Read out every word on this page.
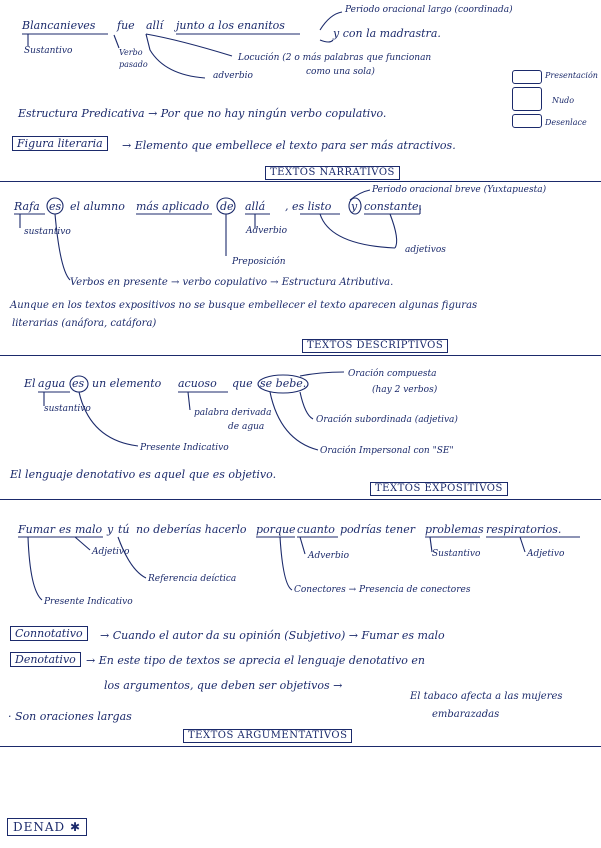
Blancanieves fue allí junto a los enanitos
y con la madrastra.
Periodo oracional largo (coordinada)
Sustantivo	Verbo
pasado
Locución (2 o más palabras que funcionan
como una sola)
adverbio	Presentación
Nudo
Desenlace
Estructura Predicativa → Por que no hay ningún verbo copulativo.
Figura literaria	→ Elemento que embellece el texto para ser más atractivos.
TEXTOS NARRATIVOS
Rafa es el alumno más aplicado de allá , es listo y constante.
Periodo oracional breve (Yuxtapuesta)
sustantivo	Adverbio
Preposición
adjetivos
Verbos en presente → verbo copulativo → Estructura Atributiva.
Aunque en los textos expositivos no se busque embellecer el texto aparecen algunas figuras
literarias (anáfora, catáfora)
TEXTOS DESCRIPTIVOS
El agua es un elemento acuoso que se bebe.
Oración compuesta
(hay 2 verbos)
sustantivo	palabra derivada
de agua
Oración subordinada (adjetiva)
Presente Indicativo	Oración Impersonal con "SE"
El lenguaje denotativo es aquel que es objetivo.
TEXTOS EXPOSITIVOS
Fumar es malo y tú no deberías hacerlo porque cuanto podrías tener problemas respiratorios.
Adjetivo	Adverbio	Sustantivo	Adjetivo
Referencia deíctica
Conectores → Presencia de conectores
Presente Indicativo
Connotativo	→ Cuando el autor da su opinión (Subjetivo) → Fumar es malo
Denotativo → En este tipo de textos se aprecia el lenguaje denotativo en
los argumentos, que deben ser objetivos →
El tabaco afecta a las mujeres
embarazadas
· Son oraciones largas
TEXTOS ARGUMENTATIVOS
DENAD ✱
